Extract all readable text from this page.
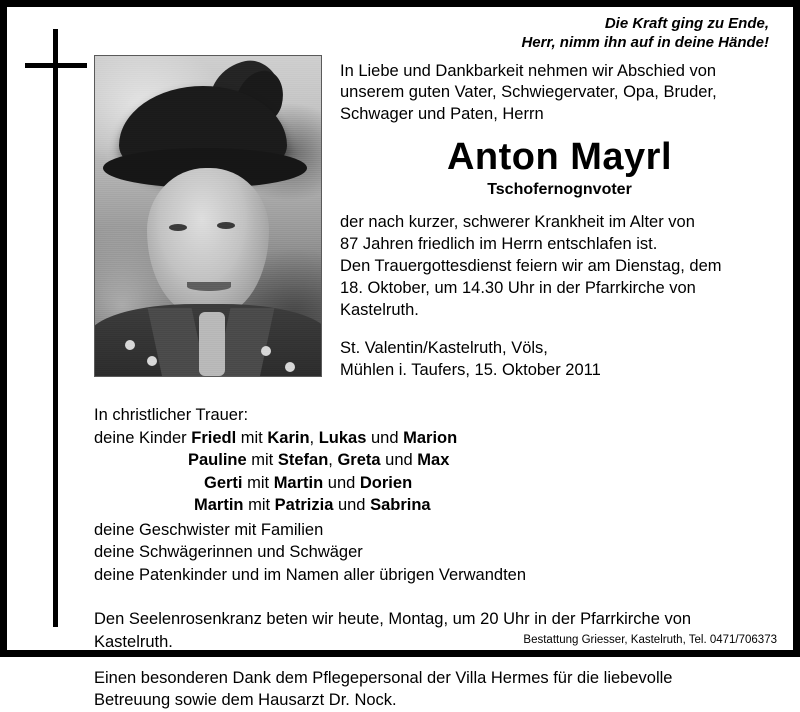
Die Kraft ging zu Ende,
Herr, nimm ihn auf in deine Hände!
In Liebe und Dankbarkeit nehmen wir Abschied von
unserem guten Vater, Schwiegervater, Opa, Bruder,
Schwager und Paten, Herrn
Anton Mayrl
Tschofernognvoter
der nach kurzer, schwerer Krankheit im Alter von
87 Jahren friedlich im Herrn entschlafen ist.
Den Trauergottesdienst feiern wir am Dienstag, dem
18. Oktober, um 14.30 Uhr in der Pfarrkirche von
Kastelruth.
St. Valentin/Kastelruth, Völs,
Mühlen i. Taufers, 15. Oktober 2011
In christlicher Trauer:
deine Kinder Friedl mit Karin, Lukas und Marion
Pauline mit Stefan, Greta und Max
Gerti mit Martin und Dorien
Martin mit Patrizia und Sabrina
deine Geschwister mit Familien
deine Schwägerinnen und Schwäger
deine Patenkinder und im Namen aller übrigen Verwandten
Den Seelenrosenkranz beten wir heute, Montag, um 20 Uhr in der Pfarrkirche von
Kastelruth.
Einen besonderen Dank dem Pflegepersonal der Villa Hermes für die liebevolle
Betreuung sowie dem Hausarzt Dr. Nock.
Bestattung Griesser, Kastelruth, Tel. 0471/706373
